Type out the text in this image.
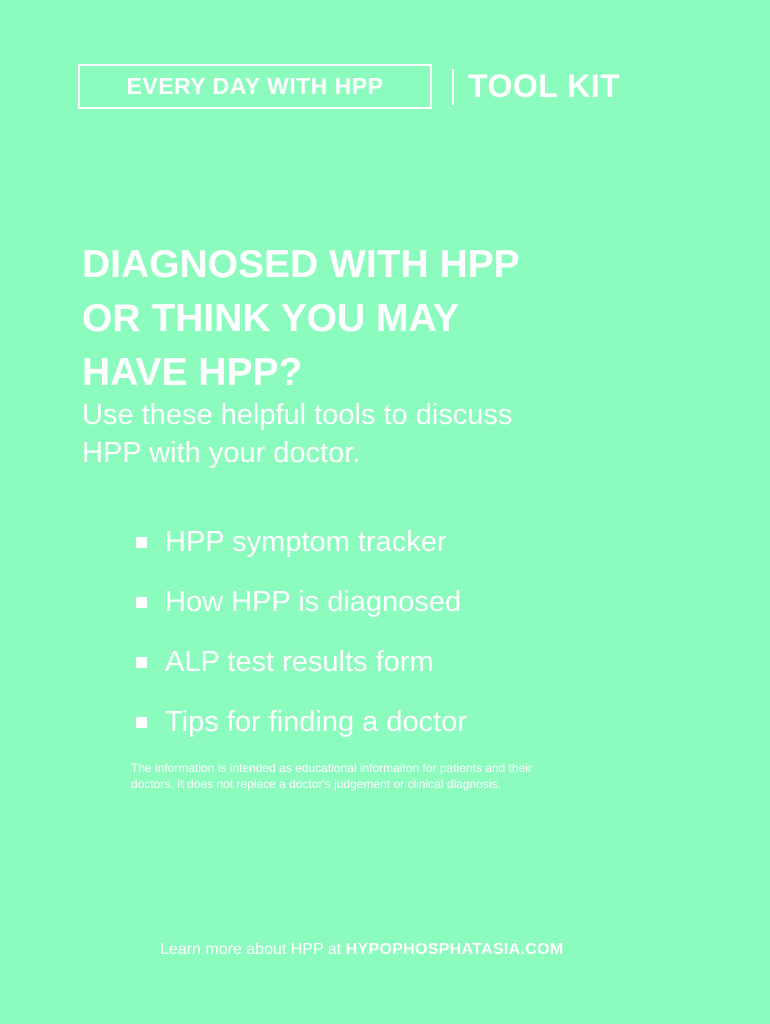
EVERY DAY WITH HPP	TOOL KIT
DIAGNOSED WITH HPP
OR THINK YOU MAY
HAVE HPP?

Use these helpful tools to discuss
HPP with your doctor.

HPP symptom tracker
How HPP is diagnosed
ALP test results form
Tips for finding a doctor

The information is intended as educational informaiton for patients and their
doctors. It does not replace a doctor's judgement or clinical diagnosis.

Learn more about HPP at HYPOPHOSPHATASIA.COM
